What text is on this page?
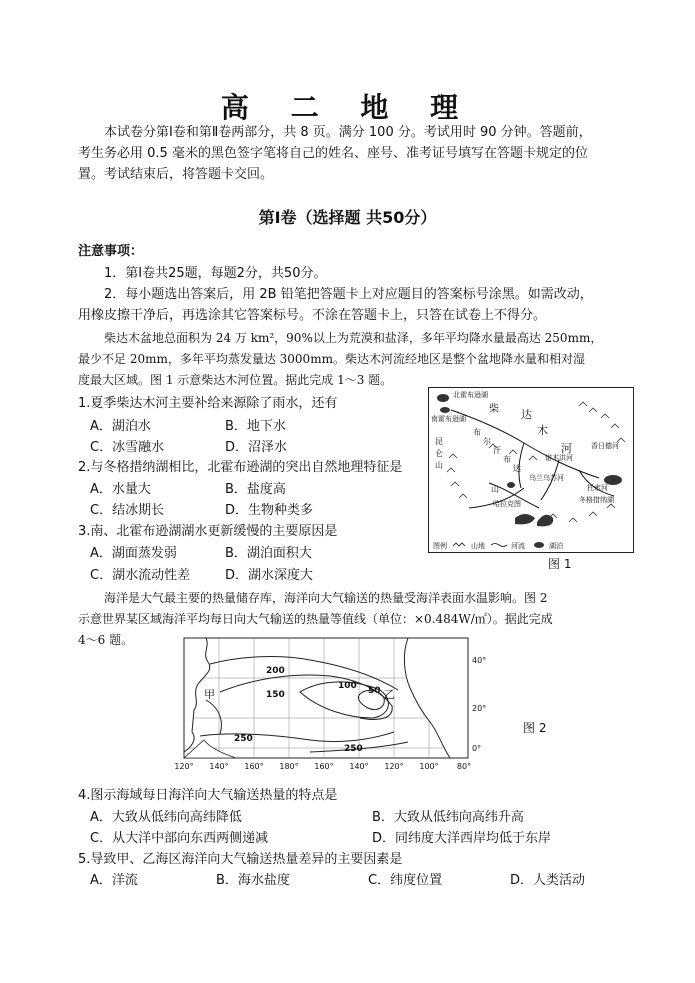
高 二 地 理
本试卷分第Ⅰ卷和第Ⅱ卷两部分，共 8 页。满分 100 分。考试用时 90 分钟。答题前，
考生务必用 0.5 毫米的黑色签字笔将自己的姓名、座号、准考证号填写在答题卡规定的位
置。考试结束后，将答题卡交回。
第Ⅰ卷（选择题 共50分）
注意事项：
1．第Ⅰ卷共25题，每题2分，共50分。
2．每小题选出答案后，用 2B 铅笔把答题卡上对应题目的答案标号涂黑。如需改动，
用橡皮擦干净后，再选涂其它答案标号。不涂在答题卡上，只答在试卷上不得分。
柴达木盆地总面积为 24 万 km²，90%以上为荒漠和盐泽，多年平均降水量最高达 250mm，
最少不足 20mm，多年平均蒸发量达 3000mm。柴达木河流经地区是整个盆地降水量和相对湿
度最大区域。图 1 示意柴达木河位置。据此完成 1～3 题。
1.夏季柴达木河主要补给来源除了雨水，还有
A．湖泊水	B．地下水
C．冰雪融水	D．沼泽水
2.与冬格措纳湖相比，北霍布逊湖的突出自然地理特征是
A．水量大	B．盐度高
C．结冰期长	D．生物种类多
3.南、北霍布逊湖湖水更新缓慢的主要原因是
A．湖面蒸发弱	B．湖泊面积大
C．湖水流动性差	D．湖水深度大
北霍布逊湖
南霍布逊湖	达
木
河
布
尔
汗
布
达
山
昆
仑
山
乌兰乌苏河
托索河
冬格措纳湖
香日德河
诺木洪河
哈拉克图
柴
图例	山地	河流	湖泊
图 1
海洋是大气最主要的热量储存库，海洋向大气输送的热量受海洋表面水温影响。图 2
示意世界某区域海洋平均每日向大气输送的热量等值线（单位：×0.484W/㎡）。据此完成
4～6 题。
200
150
100 50
250
250
甲	乙
40°
20°
0°
120° 140° 160° 180° 160° 140° 120° 100° 80°
图 2
4.图示海域每日海洋向大气输送热量的特点是
A．大致从低纬向高纬降低	B．大致从低纬向高纬升高
C．从大洋中部向东西两侧递减	D．同纬度大洋西岸均低于东岸
5.导致甲、乙海区海洋向大气输送热量差异的主要因素是
A．洋流	B．海水盐度	C．纬度位置	D．人类活动
